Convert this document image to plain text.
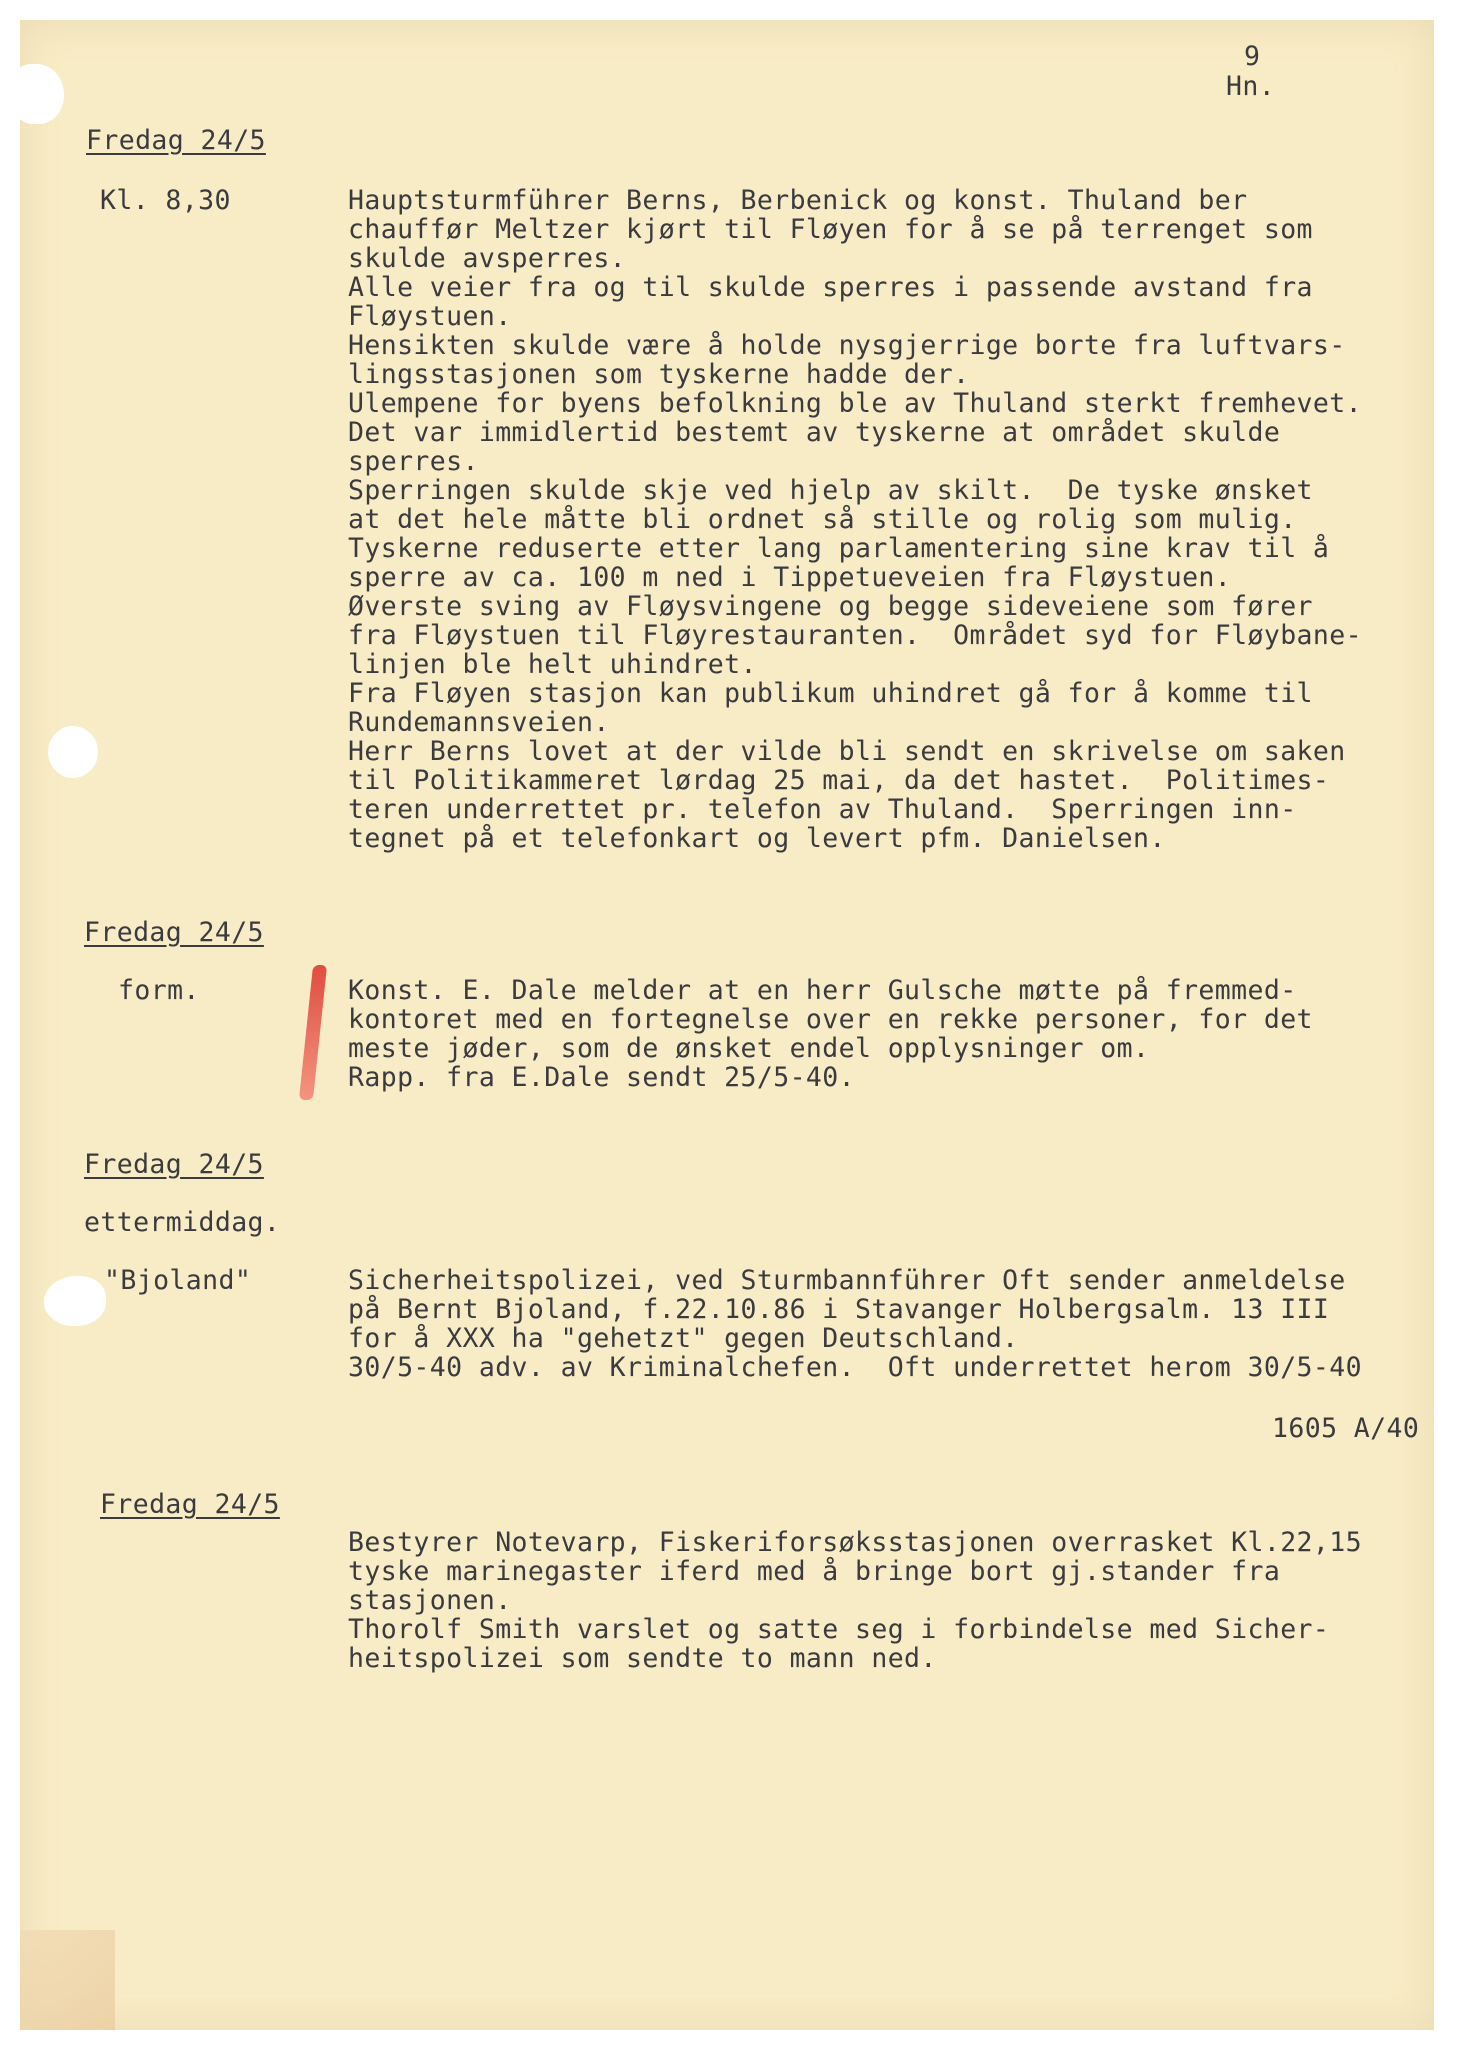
9
Hn.
Fredag 24/5
Kl. 8,30	Hauptsturmführer Berns, Berbenick og konst. Thuland ber
chauffør Meltzer kjørt til Fløyen for å se på terrenget som
skulde avsperres.
Alle veier fra og til skulde sperres i passende avstand fra
Fløystuen.
Hensikten skulde være å holde nysgjerrige borte fra luftvars-
lingsstasjonen som tyskerne hadde der.
Ulempene for byens befolkning ble av Thuland sterkt fremhevet.
Det var immidlertid bestemt av tyskerne at området skulde
sperres.
Sperringen skulde skje ved hjelp av skilt.  De tyske ønsket
at det hele måtte bli ordnet så stille og rolig som mulig.
Tyskerne reduserte etter lang parlamentering sine krav til å
sperre av ca. 100 m ned i Tippetueveien fra Fløystuen.
Øverste sving av Fløysvingene og begge sideveiene som fører
fra Fløystuen til Fløyrestauranten.  Området syd for Fløybane-
linjen ble helt uhindret.
Fra Fløyen stasjon kan publikum uhindret gå for å komme til
Rundemannsveien.
Herr Berns lovet at der vilde bli sendt en skrivelse om saken
til Politikammeret lørdag 25 mai, da det hastet.  Politimes-
teren underrettet pr. telefon av Thuland.  Sperringen inn-
tegnet på et telefonkart og levert pfm. Danielsen.
Fredag 24/5
form.	Konst. E. Dale melder at en herr Gulsche møtte på fremmed-
kontoret med en fortegnelse over en rekke personer, for det
meste jøder, som de ønsket endel opplysninger om.
Rapp. fra E.Dale sendt 25/5-40.
Fredag 24/5
ettermiddag.
"Bjoland"	Sicherheitspolizei, ved Sturmbannführer Oft sender anmeldelse
på Bernt Bjoland, f.22.10.86 i Stavanger Holbergsalm. 13 III
for å XXX ha "gehetzt" gegen Deutschland.
30/5-40 adv. av Kriminalchefen.  Oft underrettet herom 30/5-40
1605 A/40
Fredag 24/5
Bestyrer Notevarp, Fiskeriforsøksstasjonen overrasket Kl.22,15
tyske marinegaster iferd med å bringe bort gj.stander fra
stasjonen.
Thorolf Smith varslet og satte seg i forbindelse med Sicher-
heitspolizei som sendte to mann ned.
